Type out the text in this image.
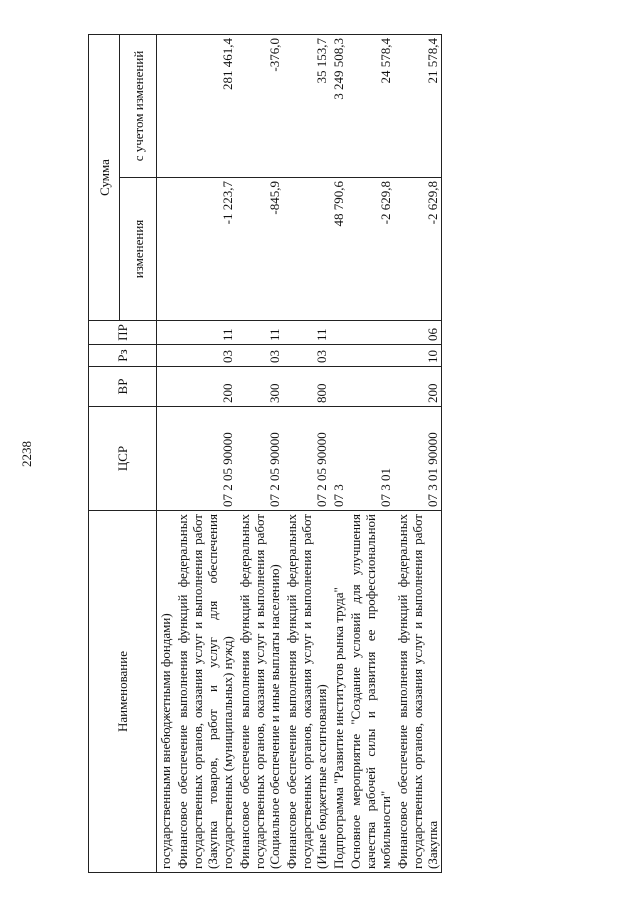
2238
Наименование	ЦСР	ВР	Рз	ПР	Сумма	
					изменения	с учетом изменений
государственными внебюджетными фондами)						
Финансовое обеспечение выполнения функций федеральных государственных органов, оказания услуг и выполнения работ (Закупка товаров, работ и услуг для обеспечения государственных (муниципальных) нужд)	07 2 05 90000	200	03	11	-1 223,7	281 461,4
Финансовое обеспечение выполнения функций федеральных государственных органов, оказания услуг и выполнения работ (Социальное обеспечение и иные выплаты населению)	07 2 05 90000	300	03	11	-845,9	-376,0
Финансовое обеспечение выполнения функций федеральных государственных органов, оказания услуг и выполнения работ (Иные бюджетные ассигнования)	07 2 05 90000	800	03	11		35 153,7
Подпрограмма "Развитие институтов рынка труда"	07 3				48 790,6	3 249 508,3
Основное мероприятие "Создание условий для улучшения качества рабочей силы и развития ее профессиональной мобильности"	07 3 01				-2 629,8	24 578,4
Финансовое обеспечение выполнения функций федеральных государственных органов, оказания услуг и выполнения работ (Закупка	07 3 01 90000	200	10	06	-2 629,8	21 578,4
